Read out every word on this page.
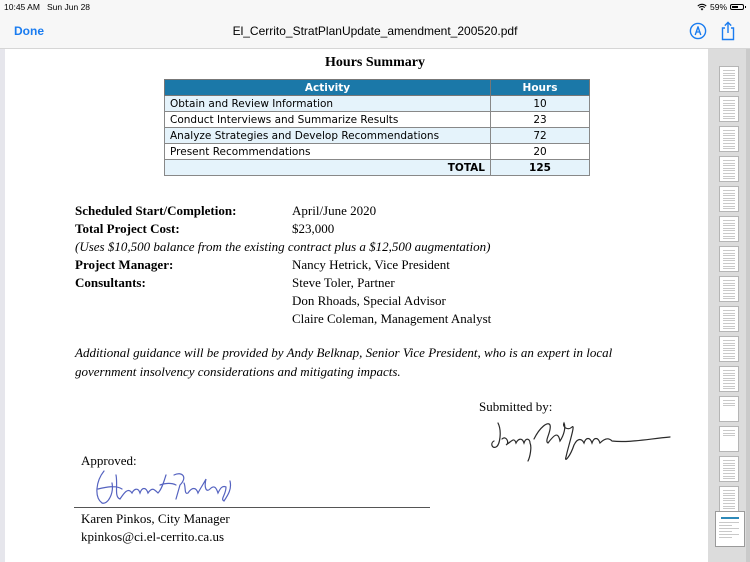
10:45 AM Sun Jun 28	59%
Done	El_Cerrito_StratPlanUpdate_amendment_200520.pdf
Hours Summary
Activity	Hours
Obtain and Review Information	10
Conduct Interviews and Summarize Results	23
Analyze Strategies and Develop Recommendations	72
Present Recommendations	20
TOTAL	125
Scheduled Start/Completion:	April/June 2020
Total Project Cost:	$23,000
(Uses $10,500 balance from the existing contract plus a $12,500 augmentation)
Project Manager:	Nancy Hetrick, Vice President
Consultants:	Steve Toler, Partner
Don Rhoads, Special Advisor
Claire Coleman, Management Analyst
Additional guidance will be provided by Andy Belknap, Senior Vice President, who is an expert in local government insolvency considerations and mitigating impacts.
Submitted by:
Approved:
Karen Pinkos, City Manager
kpinkos@ci.el-cerrito.ca.us
